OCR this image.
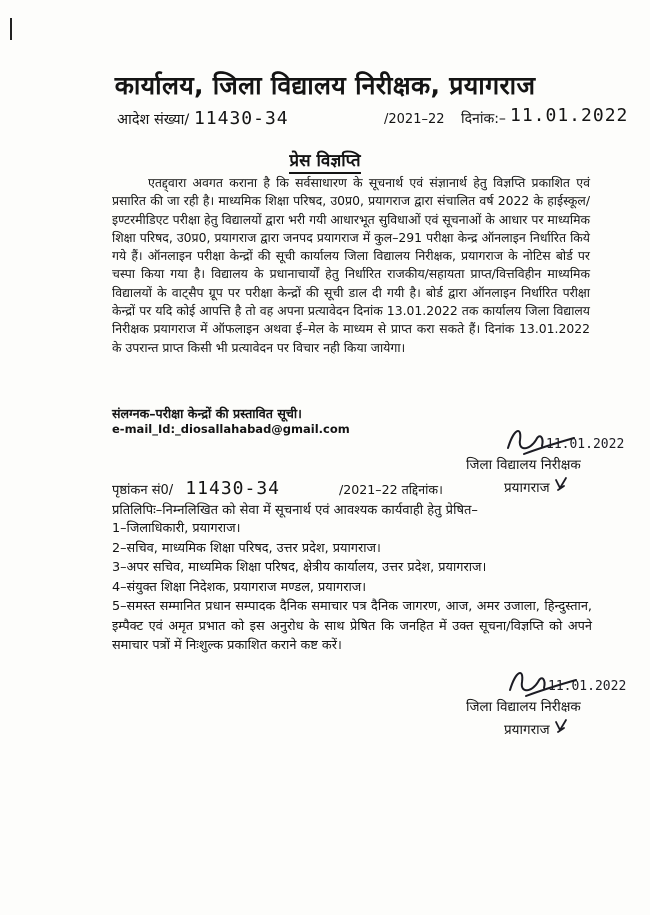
कार्यालय, जिला विद्यालय निरीक्षक, प्रयागराज
आदेश संख्या/ 11430-34	/2021–22 दिनांक:– 11.01.2022
प्रेस विज्ञप्ति

एतद्द्वारा अवगत कराना है कि सर्वसाधारण के सूचनार्थ एवं संज्ञानार्थ हेतु विज्ञप्ति प्रकाशित एवं प्रसारित की जा रही है। माध्यमिक शिक्षा परिषद, उ0प्र0, प्रयागराज द्वारा संचालित वर्ष 2022 के हाईस्कूल/इण्टरमीडिएट परीक्षा हेतु विद्यालयों द्वारा भरी गयी आधारभूत सुविधाओं एवं सूचनाओं के आधार पर माध्यमिक शिक्षा परिषद, उ0प्र0, प्रयागराज द्वारा जनपद प्रयागराज में कुल–291 परीक्षा केन्द्र ऑनलाइन निर्धारित किये गये हैं। ऑनलाइन परीक्षा केन्द्रों की सूची कार्यालय जिला विद्यालय निरीक्षक, प्रयागराज के नोटिस बोर्ड पर चस्पा किया गया है। विद्यालय के प्रधानाचार्यों हेतु निर्धारित राजकीय/सहायता प्राप्त/वित्तविहीन माध्यमिक विद्यालयों के वाट्सैप ग्रूप पर परीक्षा केन्द्रों की सूची डाल दी गयी है। बोर्ड द्वारा ऑनलाइन निर्धारित परीक्षा केन्द्रों पर यदि कोई आपत्ति है तो वह अपना प्रत्यावेदन दिनांक 13.01.2022 तक कार्यालय जिला विद्यालय निरीक्षक प्रयागराज में ऑफलाइन अथवा ई–मेल के माध्यम से प्राप्त करा सकते हैं। दिनांक 13.01.2022 के उपरान्त प्राप्त किसी भी प्रत्यावेदन पर विचार नही किया जायेगा।

संलग्नक–परीक्षा केन्द्रों की प्रस्तावित सूची।
e-mail_Id:_diosallahabad@gmail.com
11.01.2022
जिला विद्यालय निरीक्षक
प्रयागराज
पृष्ठांकन सं0/ 11430-34	/2021–22 तद्दिनांक।
प्रतिलिपिः–निम्नलिखित को सेवा में सूचनार्थ एवं आवश्यक कार्यवाही हेतु प्रेषित–
1–जिलाधिकारी, प्रयागराज।
2–सचिव, माध्यमिक शिक्षा परिषद, उत्तर प्रदेश, प्रयागराज।
3–अपर सचिव, माध्यमिक शिक्षा परिषद, क्षेत्रीय कार्यालय, उत्तर प्रदेश, प्रयागराज।
4–संयुक्त शिक्षा निदेशक, प्रयागराज मण्डल, प्रयागराज।
5–समस्त सम्मानित प्रधान सम्पादक दैनिक समाचार पत्र दैनिक जागरण, आज, अमर उजाला, हिन्दुस्तान, इम्पैक्ट एवं अमृत प्रभात को इस अनुरोध के साथ प्रेषित कि जनहित में उक्त सूचना/विज्ञप्ति को अपने समाचार पत्रों में निःशुल्क प्रकाशित कराने कष्ट करें।
11.01.2022
जिला विद्यालय निरीक्षक
प्रयागराज
